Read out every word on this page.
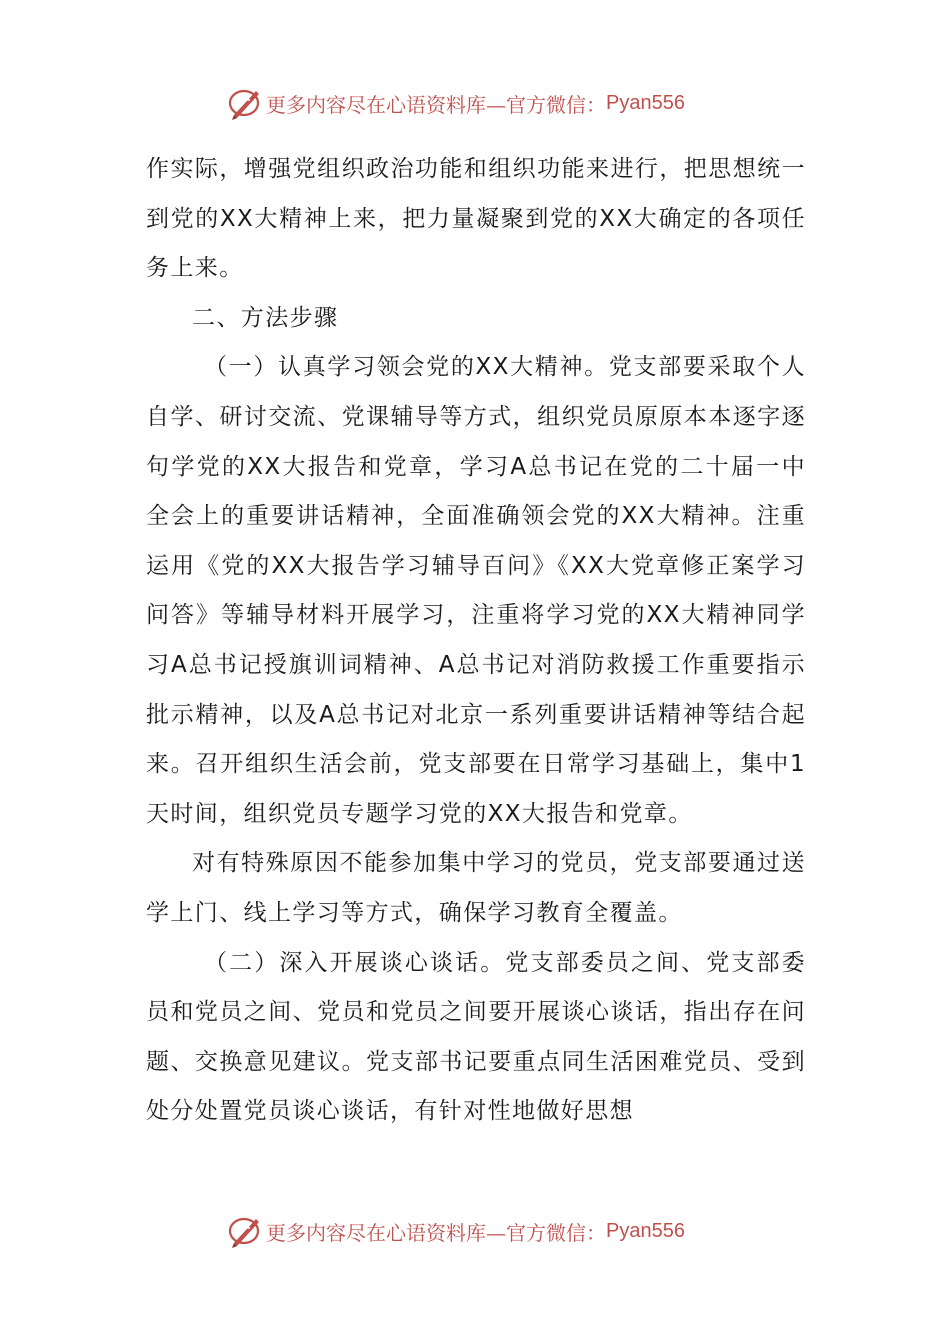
更多内容尽在心语资料库—官方微信： Pyan556

作实际，增强党组织政治功能和组织功能来进行，把思想统一到党的XX大精神上来，把力量凝聚到党的XX大确定的各项任务上来。

二、方法步骤

（一）认真学习领会党的XX大精神。党支部要采取个人自学、研讨交流、党课辅导等方式，组织党员原原本本逐字逐句学党的XX大报告和党章，学习A总书记在党的二十届一中全会上的重要讲话精神，全面准确领会党的XX大精神。注重运用《党的XX大报告学习辅导百问》《XX大党章修正案学习问答》等辅导材料开展学习，注重将学习党的XX大精神同学习A总书记授旗训词精神、A总书记对消防救援工作重要指示批示精神，以及A总书记对北京一系列重要讲话精神等结合起来。召开组织生活会前，党支部要在日常学习基础上，集中1天时间，组织党员专题学习党的XX大报告和党章。

对有特殊原因不能参加集中学习的党员，党支部要通过送学上门、线上学习等方式，确保学习教育全覆盖。

（二）深入开展谈心谈话。党支部委员之间、党支部委员和党员之间、党员和党员之间要开展谈心谈话，指出存在问题、交换意见建议。党支部书记要重点同生活困难党员、受到处分处置党员谈心谈话，有针对性地做好思想

更多内容尽在心语资料库—官方微信： Pyan556
